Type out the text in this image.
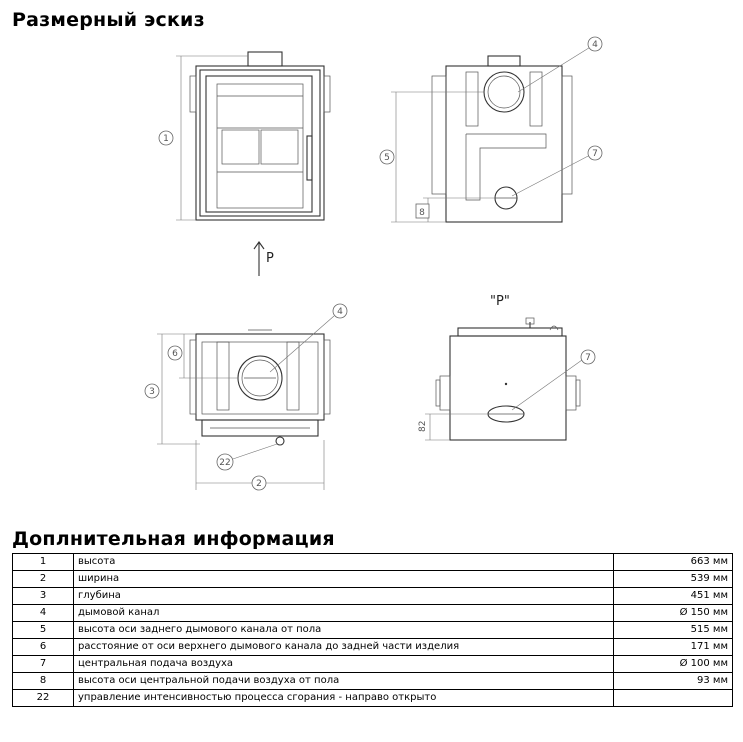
Размерный эскиз
P
"P"
82
1
4
5	7
8
4
6
3
22
2
7
Доплнительная информация
1	высота	663 мм
2	ширина	539 мм
3	глубина	451 мм
4	дымовой канал	Ø 150 мм
5	высота оси заднего дымового канала от пола	515 мм
6	расстояние от оси верхнего дымового канала до задней части изделия	171 мм
7	центральная подача воздуха	Ø 100 мм
8	высота оси центральной подачи воздуха от пола	93 мм
22	управление интенсивностью процесса сгорания - направо открыто	
